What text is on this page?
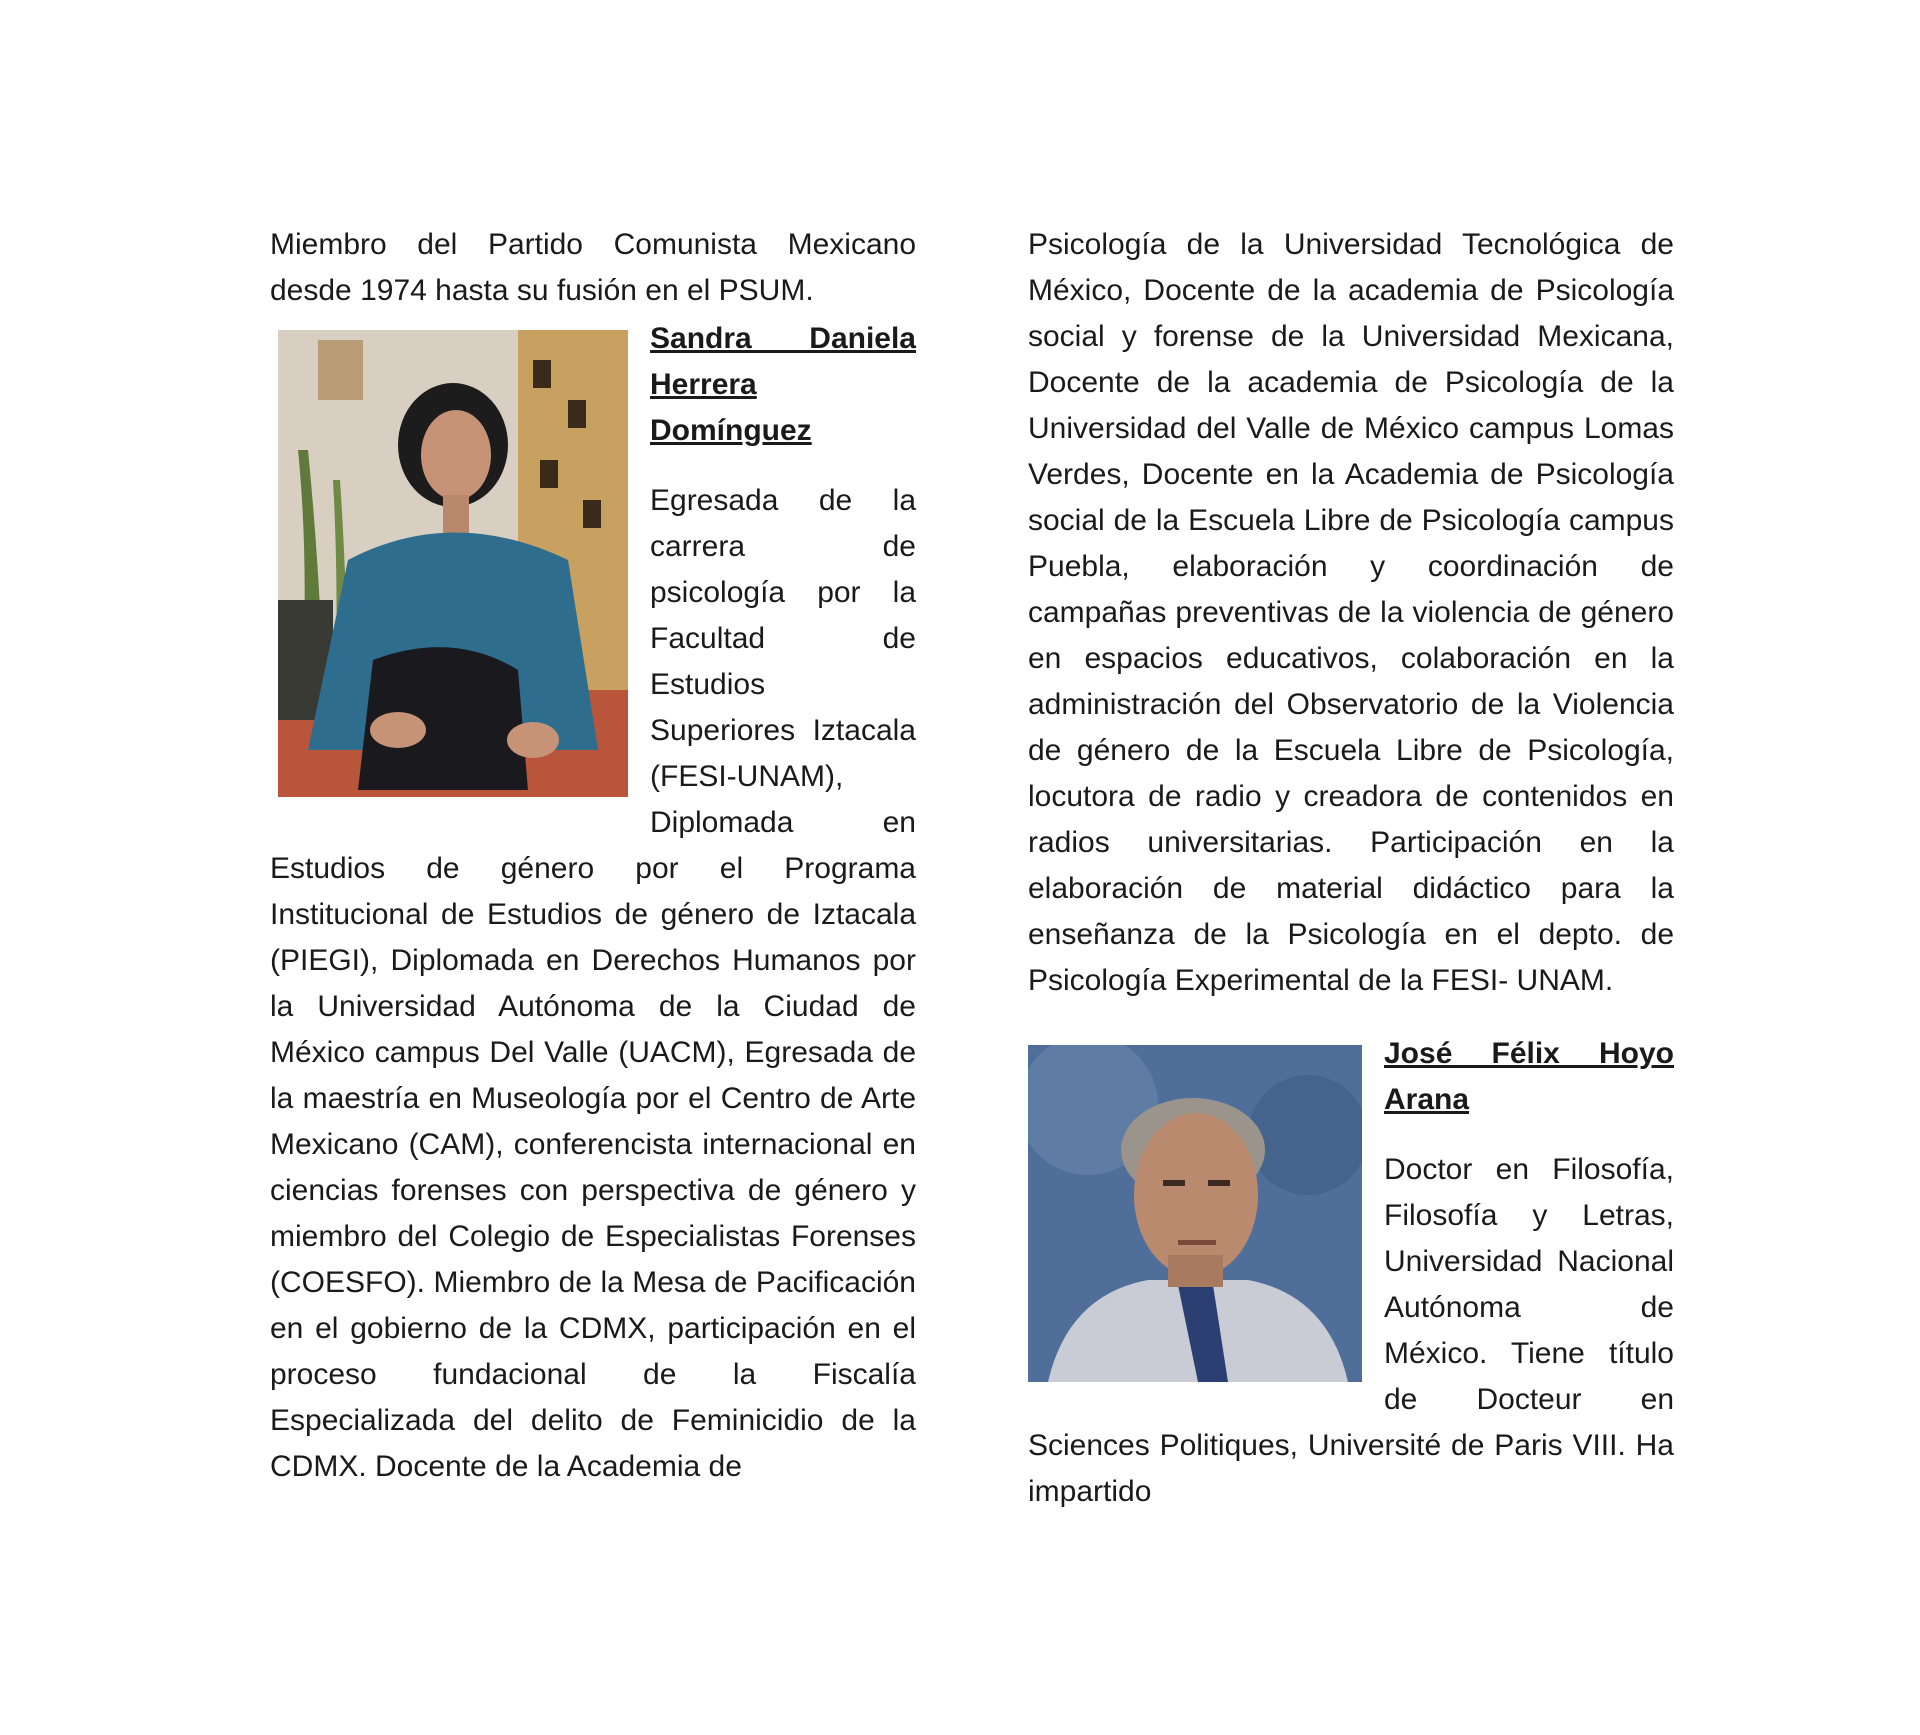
Miembro del Partido Comunista Mexicano desde 1974 hasta su fusión en el PSUM.

Sandra Daniela Herrera Domínguez

Egresada de la carrera de psicología por la Facultad de Estudios Superiores Iztacala (FESI-UNAM), Diplomada en Estudios de género por el Programa Institucional de Estudios de género de Iztacala (PIEGI), Diplomada en Derechos Humanos por la Universidad Autónoma de la Ciudad de México campus Del Valle (UACM), Egresada de la maestría en Museología por el Centro de Arte Mexicano (CAM), conferencista internacional en ciencias forenses con perspectiva de género y miembro del Colegio de Especialistas Forenses (COESFO). Miembro de la Mesa de Pacificación en el gobierno de la CDMX, participación en el proceso fundacional de la Fiscalía Especializada del delito de Feminicidio de la CDMX. Docente de la Academia de

Psicología de la Universidad Tecnológica de México, Docente de la academia de Psicología social y forense de la Universidad Mexicana, Docente de la academia de Psicología de la Universidad del Valle de México campus Lomas Verdes, Docente en la Academia de Psicología social de la Escuela Libre de Psicología campus Puebla, elaboración y coordinación de campañas preventivas de la violencia de género en espacios educativos, colaboración en la administración del Observatorio de la Violencia de género de la Escuela Libre de Psicología, locutora de radio y creadora de contenidos en radios universitarias. Participación en la elaboración de material didáctico para la enseñanza de la Psicología en el depto. de Psicología Experimental de la FESI- UNAM.

José Félix Hoyo Arana

Doctor en Filosofía, Filosofía y Letras, Universidad Nacional Autónoma de México. Tiene título de Docteur en Sciences Politiques, Université de Paris VIII. Ha impartido
